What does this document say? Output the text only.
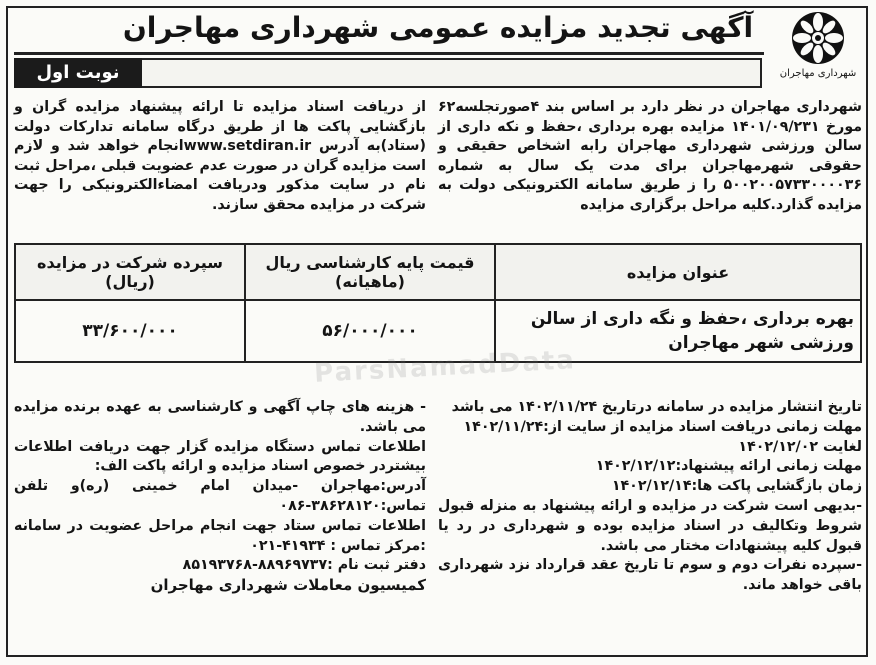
شهرداری مهاجران
آگهی تجدید مزایده عمومی شهرداری مهاجران
نوبت اول

شهرداری مهاجران در نظر دارد بر اساس بند ۴صورتجلسه۶۲ مورخ ۱۴۰۱/۰۹/۲۳۱ مزایده بهره برداری ،حفظ و نکه داری از سالن ورزشی شهرداری مهاجران رابه اشخاص حقیقی و حقوقی شهرمهاجران برای مدت یک سال به شماره ۵۰۰۲۰۰۵۷۳۳۰۰۰۰۳۶ را ز طریق سامانه الکترونیکی دولت به مزایده گذارد.کلیه مراحل برگزاری مزایده

از دریافت اسناد مزایده تا ارائه پیشنهاد مزایده گران و بازگشایی پاکت ها از طریق درگاه سامانه تدارکات دولت (ستاد)به آدرس www.setdiran.irانجام خواهد شد و لازم است مزایده گران در صورت عدم عضویت قبلی ،مراحل ثبت نام در سایت مذکور ودریافت امضاءالکترونیکی را جهت شرکت در مزایده محقق سازند.

عنوان مزایده	قیمت پایه کارشناسی ریال (ماهیانه)	سپرده شرکت در مزایده (ریال)
بهره برداری ،حفظ و نگه داری از سالن ورزشی شهر مهاجران	۵۶/۰۰۰/۰۰۰	۳۳/۶۰۰/۰۰۰
ParsNamadData

تاریخ انتشار مزایده در سامانه درتاریخ ۱۴۰۲/۱۱/۲۴ می باشد

مهلت زمانی دریافت اسناد مزایده از سایت از:۱۴۰۲/۱۱/۲۴

لغایت ۱۴۰۲/۱۲/۰۲

مهلت زمانی ارائه پیشنهاد:۱۴۰۲/۱۲/۱۲

زمان بازگشایی پاکت ها:۱۴۰۲/۱۲/۱۴

-بدیهی است شرکت در مزایده و ارائه پیشنهاد به منزله قبول شروط وتکالیف در اسناد مزایده بوده و شهرداری در رد یا قبول کلیه پیشنهادات مختار می باشد.

-سپرده نفرات دوم و سوم تا تاریخ عقد قرارداد نزد شهرداری باقی خواهد ماند.

- هزینه های چاپ آگهی و کارشناسی به عهده برنده مزایده می باشد.

اطلاعات تماس دستگاه مزایده گزار جهت دریافت اطلاعات بیشتردر خصوص اسناد مزایده و ارائه پاکت الف:

آدرس:مهاجران -میدان امام خمینی (ره)و تلفن تماس:۳۸۶۲۸۱۲۰-۰۸۶

اطلاعات تماس ستاد جهت انجام مراحل عضویت در سامانه :مرکز تماس : ۴۱۹۳۴-۰۲۱

دفتر ثبت نام :۸۸۹۶۹۷۳۷-۸۵۱۹۳۷۶۸

کمیسیون معاملات شهرداری مهاجران
